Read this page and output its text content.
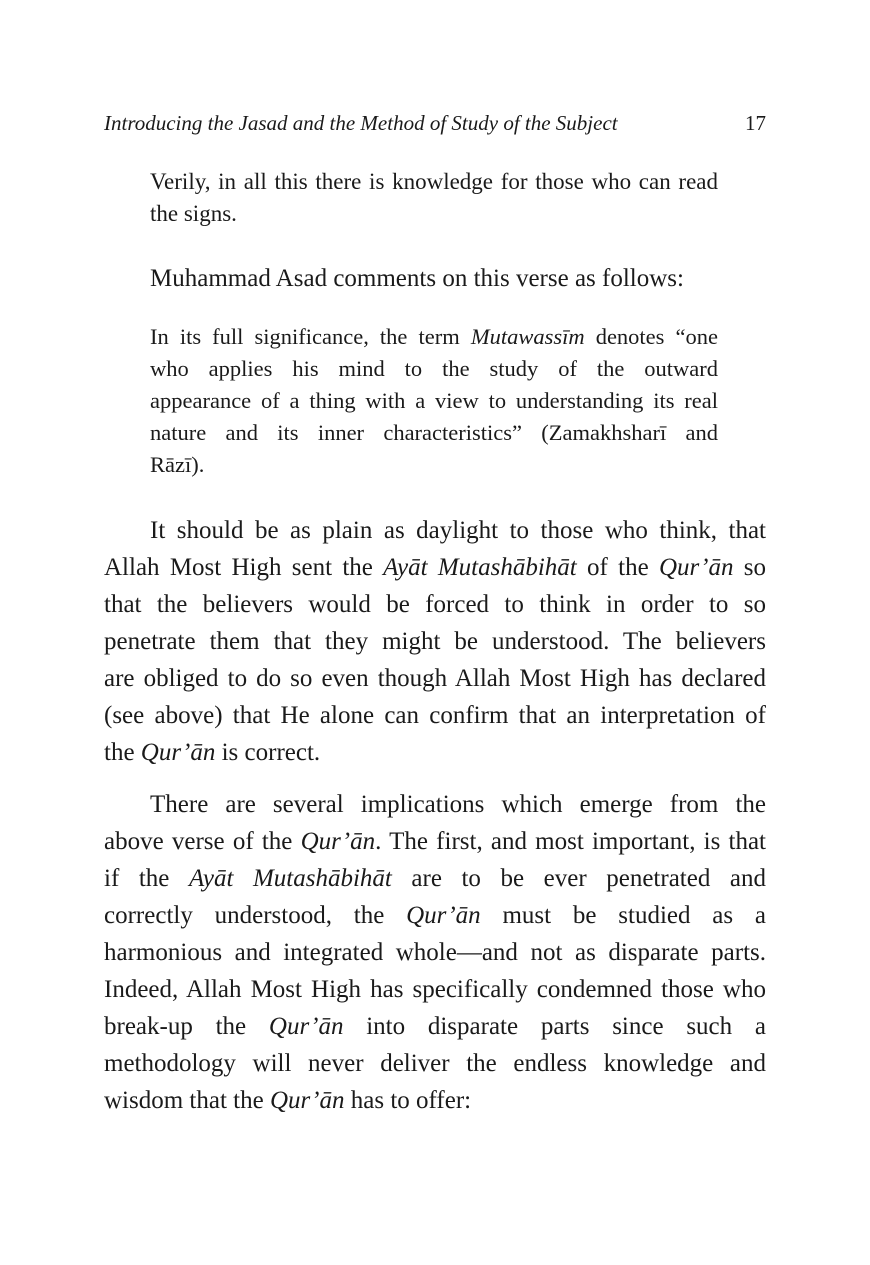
Introducing the Jasad and the Method of Study of the Subject	17
Verily, in all this there is knowledge for those who can read
the signs.

Muhammad Asad comments on this verse as follows:

In its full significance, the term Mutawassīm denotes “one
who applies his mind to the study of the outward
appearance of a thing with a view to understanding its real
nature and its inner characteristics” (Zamakhsharī and
Rāzī).
It should be as plain as daylight to those who think, that
Allah Most High sent the Ayāt Mutashābihāt of the Qur’ān so
that the believers would be forced to think in order to so
penetrate them that they might be understood. The believers
are obliged to do so even though Allah Most High has declared
(see above) that He alone can confirm that an interpretation of
the Qur’ān is correct.
There are several implications which emerge from the
above verse of the Qur’ān. The first, and most important, is that
if the Ayāt Mutashābihāt are to be ever penetrated and
correctly understood, the Qur’ān must be studied as a
harmonious and integrated whole—and not as disparate parts.
Indeed, Allah Most High has specifically condemned those who
break-up the Qur’ān into disparate parts since such a
methodology will never deliver the endless knowledge and
wisdom that the Qur’ān has to offer:
